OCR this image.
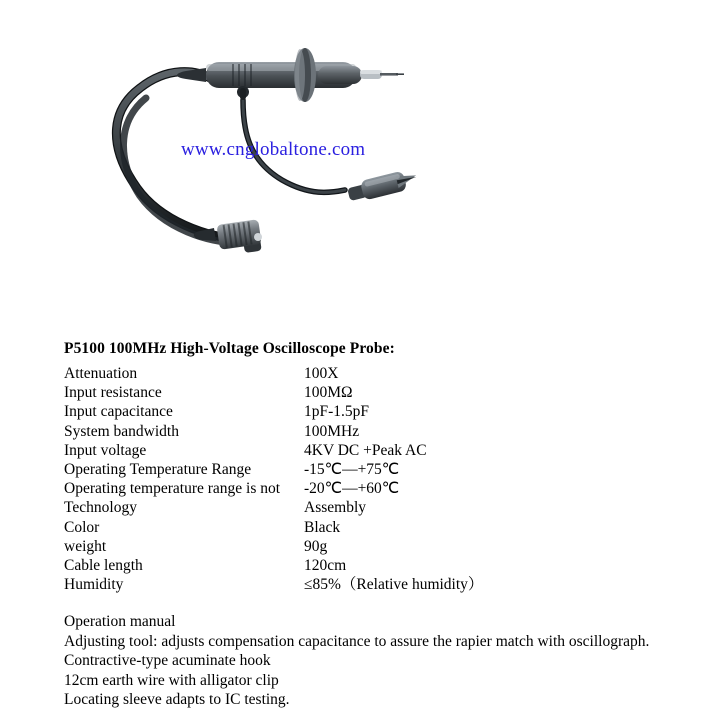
www.cnglobaltone.com
P5100 100MHz High-Voltage Oscilloscope Probe:
Attenuation	100X
Input resistance	100MΩ
Input capacitance	1pF-1.5pF
System bandwidth	100MHz
Input voltage	4KV DC +Peak AC
Operating Temperature Range	-15℃—+75℃
Operating temperature range is not	-20℃—+60℃
Technology	Assembly
Color	Black
weight	90g
Cable length	120cm
Humidity	≤85%（Relative humidity）
Operation manual
Adjusting tool: adjusts compensation capacitance to assure the rapier match with oscillograph.
Contractive-type acuminate hook
12cm earth wire with alligator clip
Locating sleeve adapts to IC testing.
